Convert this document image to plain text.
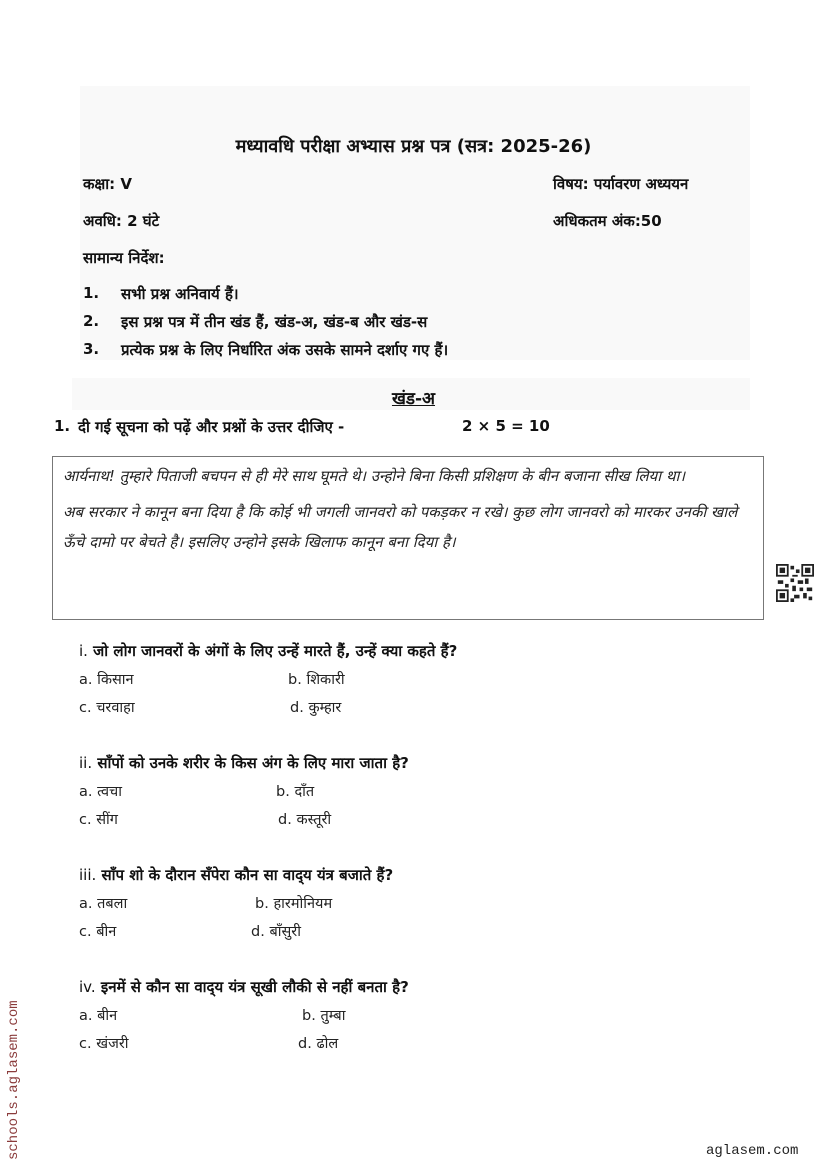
मध्यावधि परीक्षा अभ्यास प्रश्न पत्र (सत्र: 2025-26)
कक्षा: V	विषय: पर्यावरण अध्ययन
अवधि: 2 घंटे	अधिकतम अंक:50
सामान्य निर्देश:
1. सभी प्रश्न अनिवार्य हैं।
2. इस प्रश्न पत्र में तीन खंड हैं, खंड-अ, खंड-ब और खंड-स
3. प्रत्येक प्रश्न के लिए निर्धारित अंक उसके सामने दर्शाए गए हैं।
खंड-अ
1. दी गई सूचना को पढ़ें और प्रश्नों के उत्तर दीजिए -	2 × 5 = 10

आर्यनाथ! तुम्हारे पिताजी बचपन से ही मेरे साथ घूमते थे। उन्होने बिना किसी प्रशिक्षण के बीन बजाना सीख लिया था।

अब सरकार ने कानून बना दिया है कि कोई भी जगली जानवरो को पकड़कर न रखे। कुछ लोग जानवरो को मारकर उनकी खाले ऊँचे दामो पर बेचते है। इसलिए उन्होने इसके खिलाफ कानून बना दिया है।

i. जो लोग जानवरों के अंगों के लिए उन्हें मारते हैं, उन्हें क्या कहते हैं?
a. किसान	b. शिकारी
c. चरवाहा	d. कुम्हार
ii. साँपों को उनके शरीर के किस अंग के लिए मारा जाता है?
a. त्वचा	b. दाँत
c. सींग	d. कस्तूरी
iii. साँप शो के दौरान सँपेरा कौन सा वाद्‍य यंत्र बजाते हैं?
a. तबला	b. हारमोनियम
c. बीन	d. बाँसुरी
iv. इनमें से कौन सा वाद्‍य यंत्र सूखी लौकी से नहीं बनता है?
a. बीन	b. तुम्बा
c. खंजरी	d. ढोल
schools.aglasem.com	aglasem.com
